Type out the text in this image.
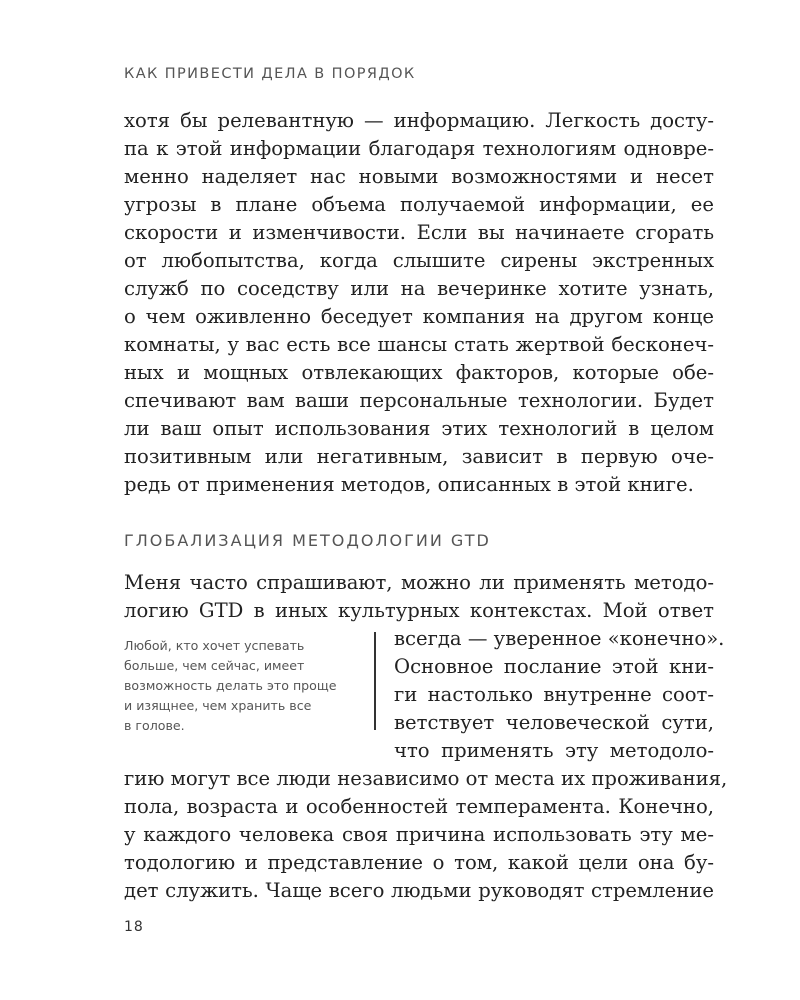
КАК ПРИВЕСТИ ДЕЛА В ПОРЯДОК
хотя бы релевантную — информацию. Легкость досту-
па к этой информации благодаря технологиям одновре-
менно наделяет нас новыми возможностями и несет
угрозы в плане объема получаемой информации, ее
скорости и изменчивости. Если вы начинаете сгорать
от любопытства, когда слышите сирены экстренных
служб по соседству или на вечеринке хотите узнать,
о чем оживленно беседует компания на другом конце
комнаты, у вас есть все шансы стать жертвой бесконеч-
ных и мощных отвлекающих факторов, которые обе-
спечивают вам ваши персональные технологии. Будет
ли ваш опыт использования этих технологий в целом
позитивным или негативным, зависит в первую оче-
редь от применения методов, описанных в этой книге.
ГЛОБАЛИЗАЦИЯ МЕТОДОЛОГИИ GTD
Меня часто спрашивают, можно ли применять методо-
логию GTD в иных культурных контекстах. Мой ответ
всегда — уверенное «конечно».
Основное послание этой кни-
ги настолько внутренне соот-
ветствует человеческой сути,
что применять эту методоло-
гию могут все люди независимо от места их проживания,
пола, возраста и особенностей темперамента. Конечно,
у каждого человека своя причина использовать эту ме-
тодологию и представление о том, какой цели она бу-
дет служить. Чаще всего людьми руководят стремление
Любой, кто хочет успевать
больше, чем сейчас, имеет
возможность делать это проще
и изящнее, чем хранить все
в голове.
18
